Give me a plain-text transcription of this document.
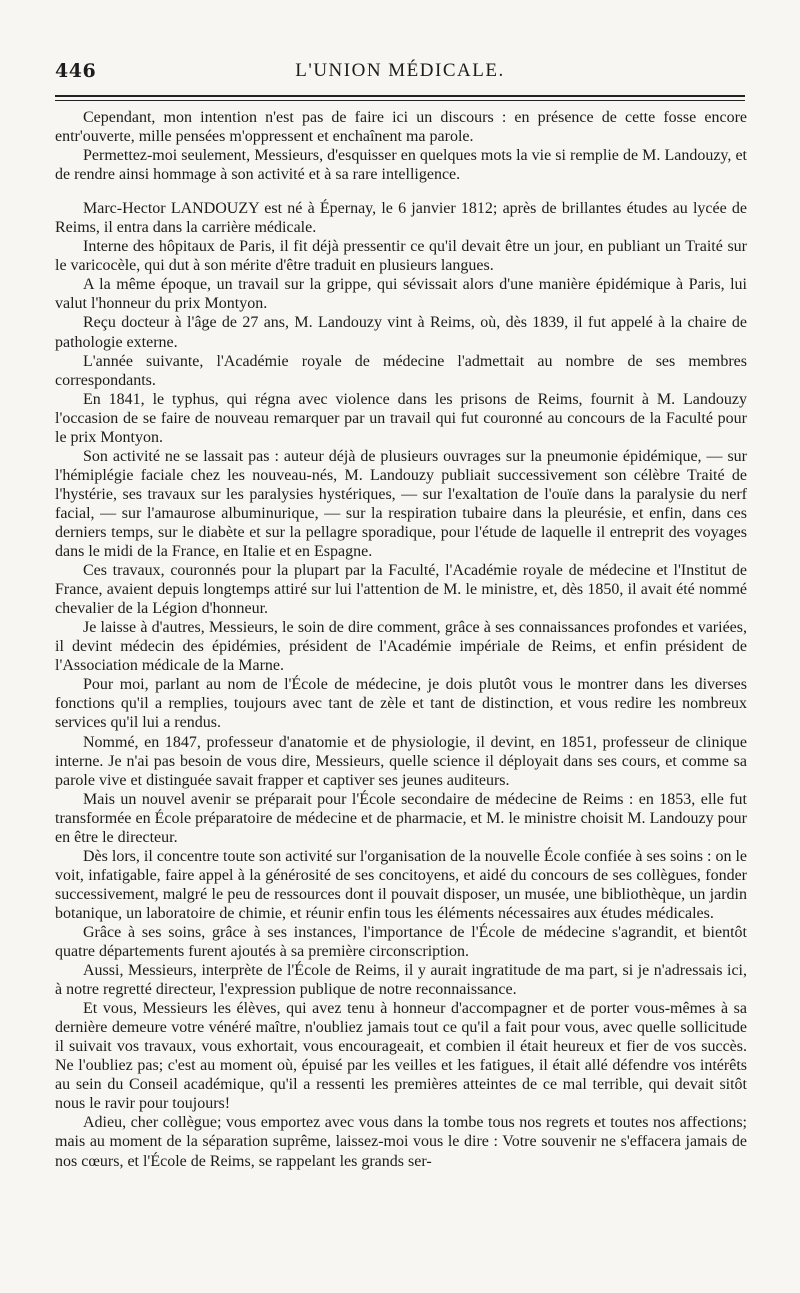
446	L'UNION MÉDICALE.

Cependant, mon intention n'est pas de faire ici un discours : en présence de cette fosse encore entr'ouverte, mille pensées m'oppressent et enchaînent ma parole.

Permettez-moi seulement, Messieurs, d'esquisser en quelques mots la vie si remplie de M. Landouzy, et de rendre ainsi hommage à son activité et à sa rare intelligence.

Marc-Hector LANDOUZY est né à Épernay, le 6 janvier 1812; après de brillantes études au lycée de Reims, il entra dans la carrière médicale.

Interne des hôpitaux de Paris, il fit déjà pressentir ce qu'il devait être un jour, en publiant un Traité sur le varicocèle, qui dut à son mérite d'être traduit en plusieurs langues.

A la même époque, un travail sur la grippe, qui sévissait alors d'une manière épidémique à Paris, lui valut l'honneur du prix Montyon.

Reçu docteur à l'âge de 27 ans, M. Landouzy vint à Reims, où, dès 1839, il fut appelé à la chaire de pathologie externe.

L'année suivante, l'Académie royale de médecine l'admettait au nombre de ses membres correspondants.

En 1841, le typhus, qui régna avec violence dans les prisons de Reims, fournit à M. Landouzy l'occasion de se faire de nouveau remarquer par un travail qui fut couronné au concours de la Faculté pour le prix Montyon.

Son activité ne se lassait pas : auteur déjà de plusieurs ouvrages sur la pneumonie épidémique, — sur l'hémiplégie faciale chez les nouveau-nés, M. Landouzy publiait successivement son célèbre Traité de l'hystérie, ses travaux sur les paralysies hystériques, — sur l'exaltation de l'ouïe dans la paralysie du nerf facial, — sur l'amaurose albuminurique, — sur la respiration tubaire dans la pleurésie, et enfin, dans ces derniers temps, sur le diabète et sur la pellagre sporadique, pour l'étude de laquelle il entreprit des voyages dans le midi de la France, en Italie et en Espagne.

Ces travaux, couronnés pour la plupart par la Faculté, l'Académie royale de médecine et l'Institut de France, avaient depuis longtemps attiré sur lui l'attention de M. le ministre, et, dès 1850, il avait été nommé chevalier de la Légion d'honneur.

Je laisse à d'autres, Messieurs, le soin de dire comment, grâce à ses connaissances profondes et variées, il devint médecin des épidémies, président de l'Académie impériale de Reims, et enfin président de l'Association médicale de la Marne.

Pour moi, parlant au nom de l'École de médecine, je dois plutôt vous le montrer dans les diverses fonctions qu'il a remplies, toujours avec tant de zèle et tant de distinction, et vous redire les nombreux services qu'il lui a rendus.

Nommé, en 1847, professeur d'anatomie et de physiologie, il devint, en 1851, professeur de clinique interne. Je n'ai pas besoin de vous dire, Messieurs, quelle science il déployait dans ses cours, et comme sa parole vive et distinguée savait frapper et captiver ses jeunes auditeurs.

Mais un nouvel avenir se préparait pour l'École secondaire de médecine de Reims : en 1853, elle fut transformée en École préparatoire de médecine et de pharmacie, et M. le ministre choisit M. Landouzy pour en être le directeur.

Dès lors, il concentre toute son activité sur l'organisation de la nouvelle École confiée à ses soins : on le voit, infatigable, faire appel à la générosité de ses concitoyens, et aidé du concours de ses collègues, fonder successivement, malgré le peu de ressources dont il pouvait disposer, un musée, une bibliothèque, un jardin botanique, un laboratoire de chimie, et réunir enfin tous les éléments nécessaires aux études médicales.

Grâce à ses soins, grâce à ses instances, l'importance de l'École de médecine s'agrandit, et bientôt quatre départements furent ajoutés à sa première circonscription.

Aussi, Messieurs, interprète de l'École de Reims, il y aurait ingratitude de ma part, si je n'adressais ici, à notre regretté directeur, l'expression publique de notre reconnaissance.

Et vous, Messieurs les élèves, qui avez tenu à honneur d'accompagner et de porter vous-mêmes à sa dernière demeure votre vénéré maître, n'oubliez jamais tout ce qu'il a fait pour vous, avec quelle sollicitude il suivait vos travaux, vous exhortait, vous encourageait, et combien il était heureux et fier de vos succès. Ne l'oubliez pas; c'est au moment où, épuisé par les veilles et les fatigues, il était allé défendre vos intérêts au sein du Conseil académique, qu'il a ressenti les premières atteintes de ce mal terrible, qui devait sitôt nous le ravir pour toujours!

Adieu, cher collègue; vous emportez avec vous dans la tombe tous nos regrets et toutes nos affections; mais au moment de la séparation suprême, laissez-moi vous le dire : Votre souvenir ne s'effacera jamais de nos cœurs, et l'École de Reims, se rappelant les grands ser-
